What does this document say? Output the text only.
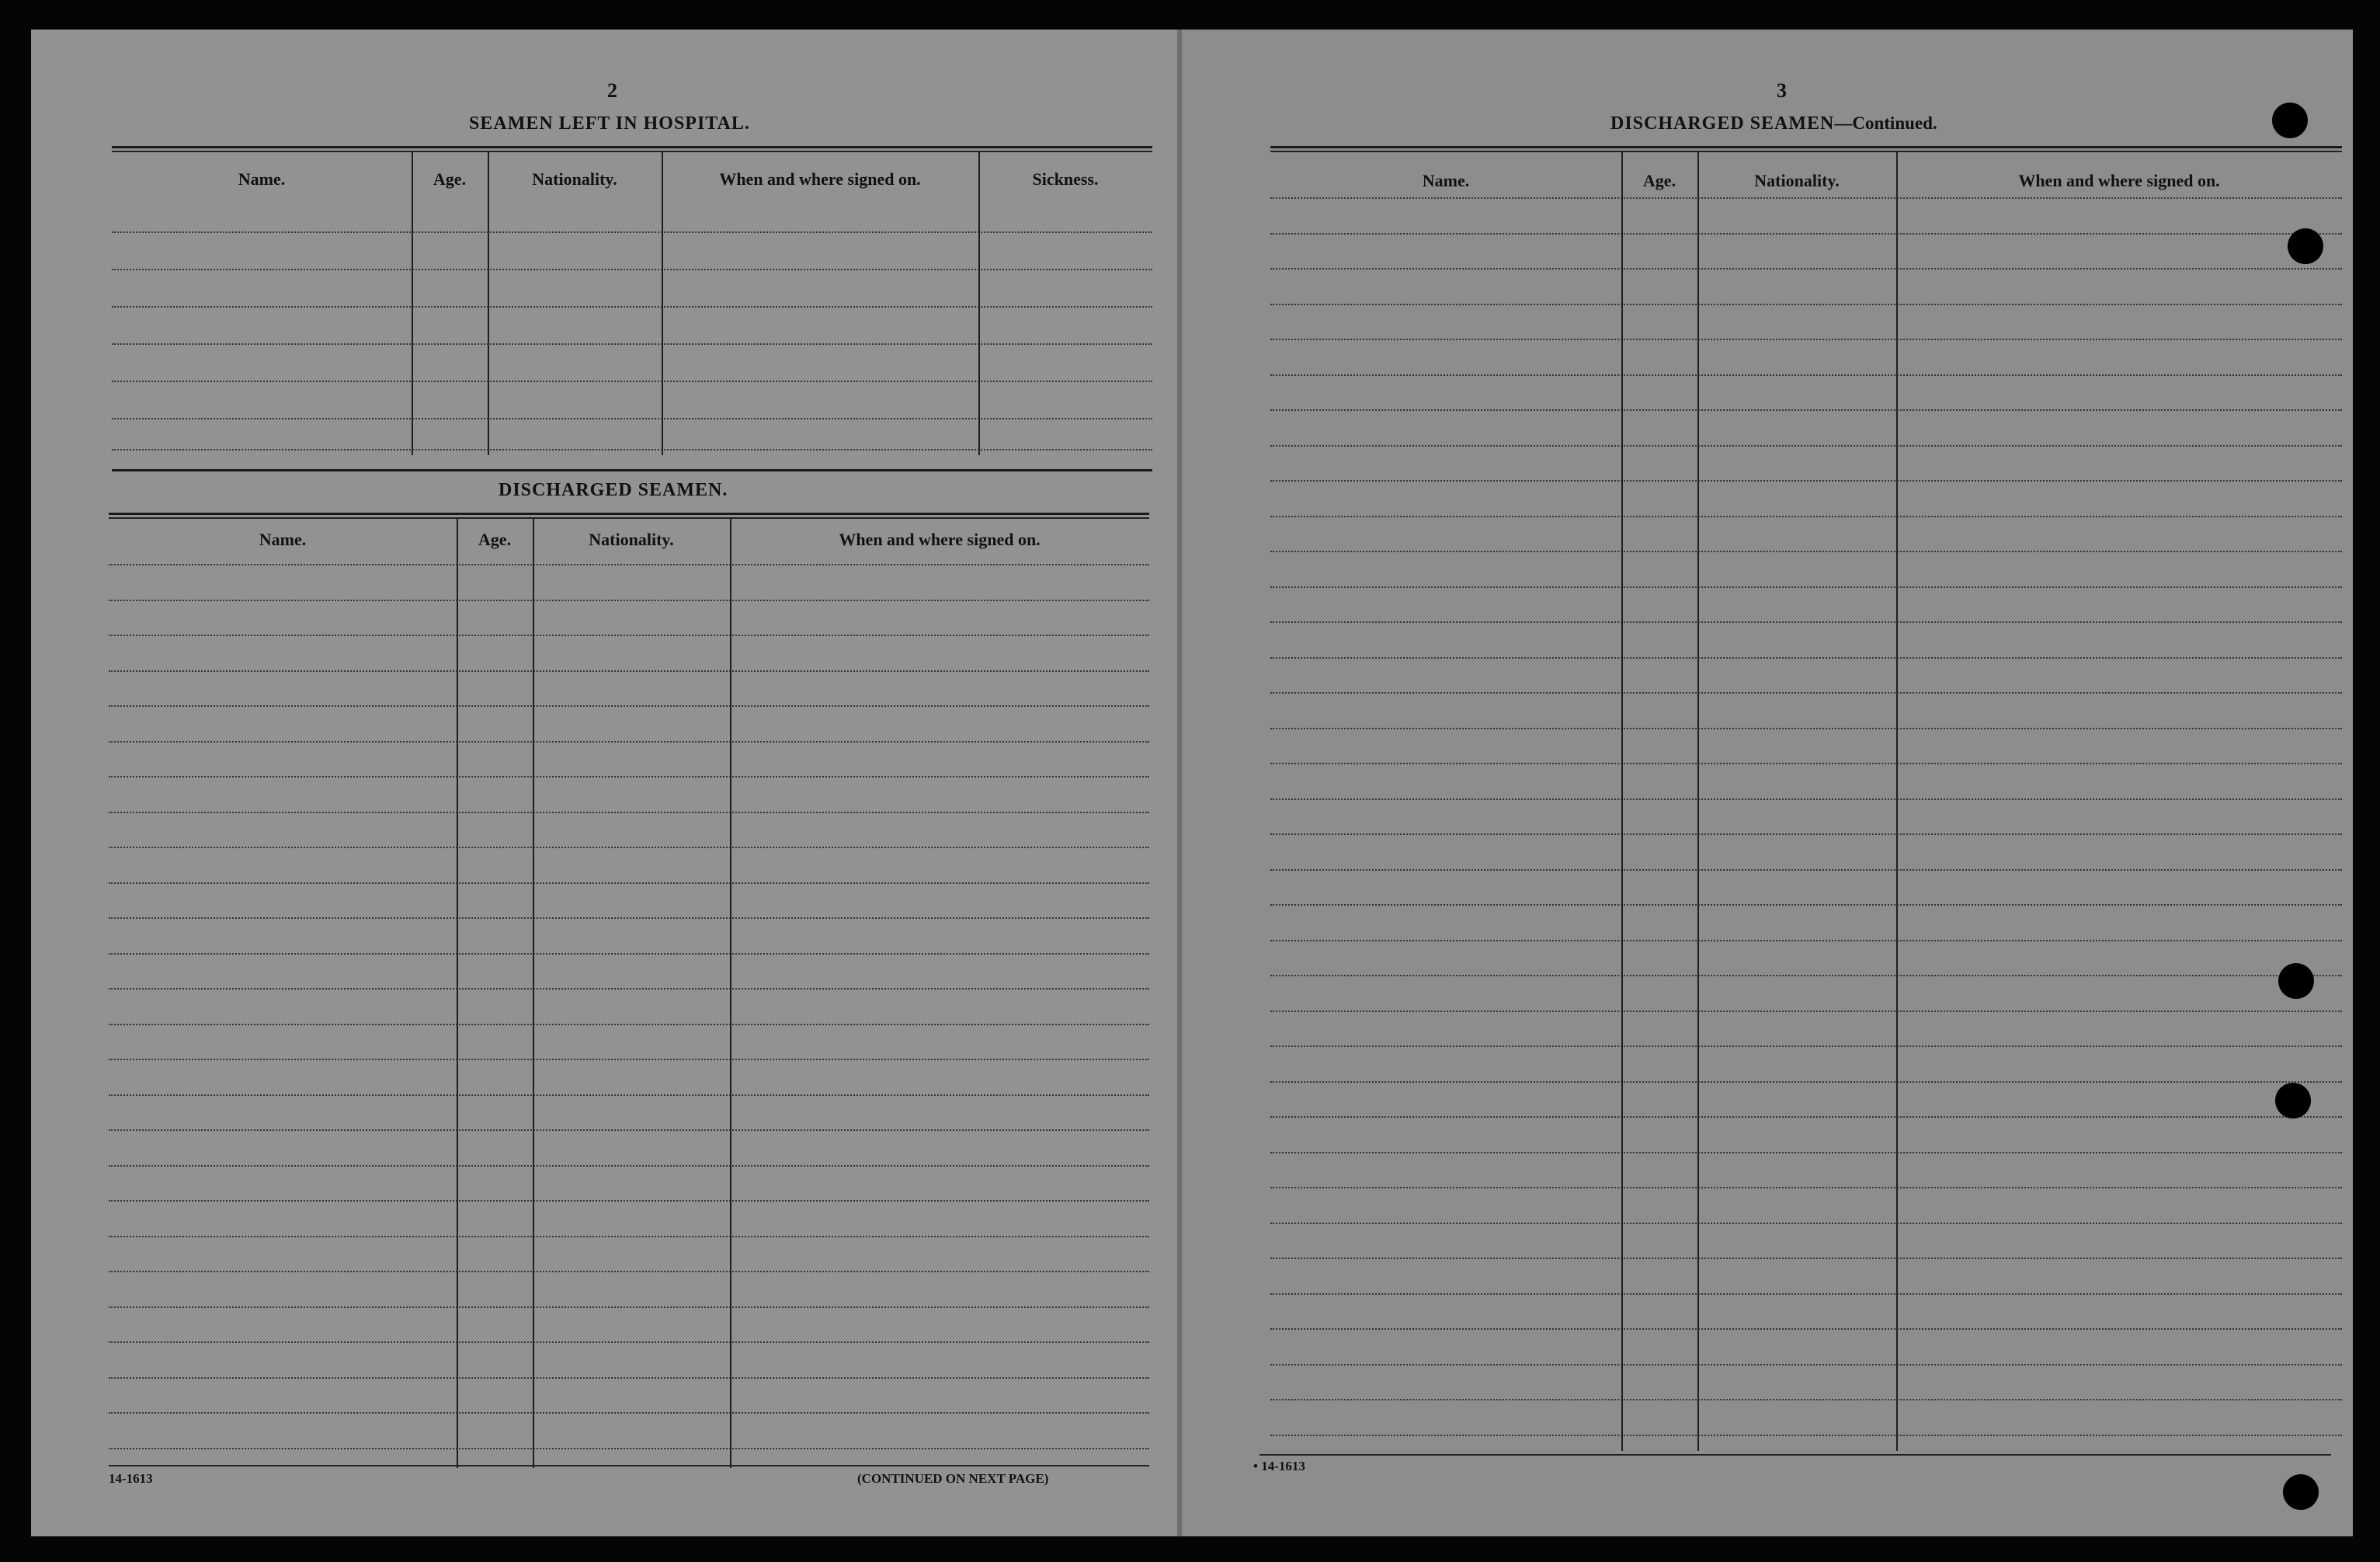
2
SEAMEN LEFT IN HOSPITAL.
Name.	Age.	Nationality.	When and where signed on.	Sickness.
DISCHARGED SEAMEN.
Name.	Age.	Nationality.	When and where signed on.
14-1613	(CONTINUED ON NEXT PAGE)
3
DISCHARGED SEAMEN—Continued.
Name.	Age.	Nationality.	When and where signed on.
• 14-1613
